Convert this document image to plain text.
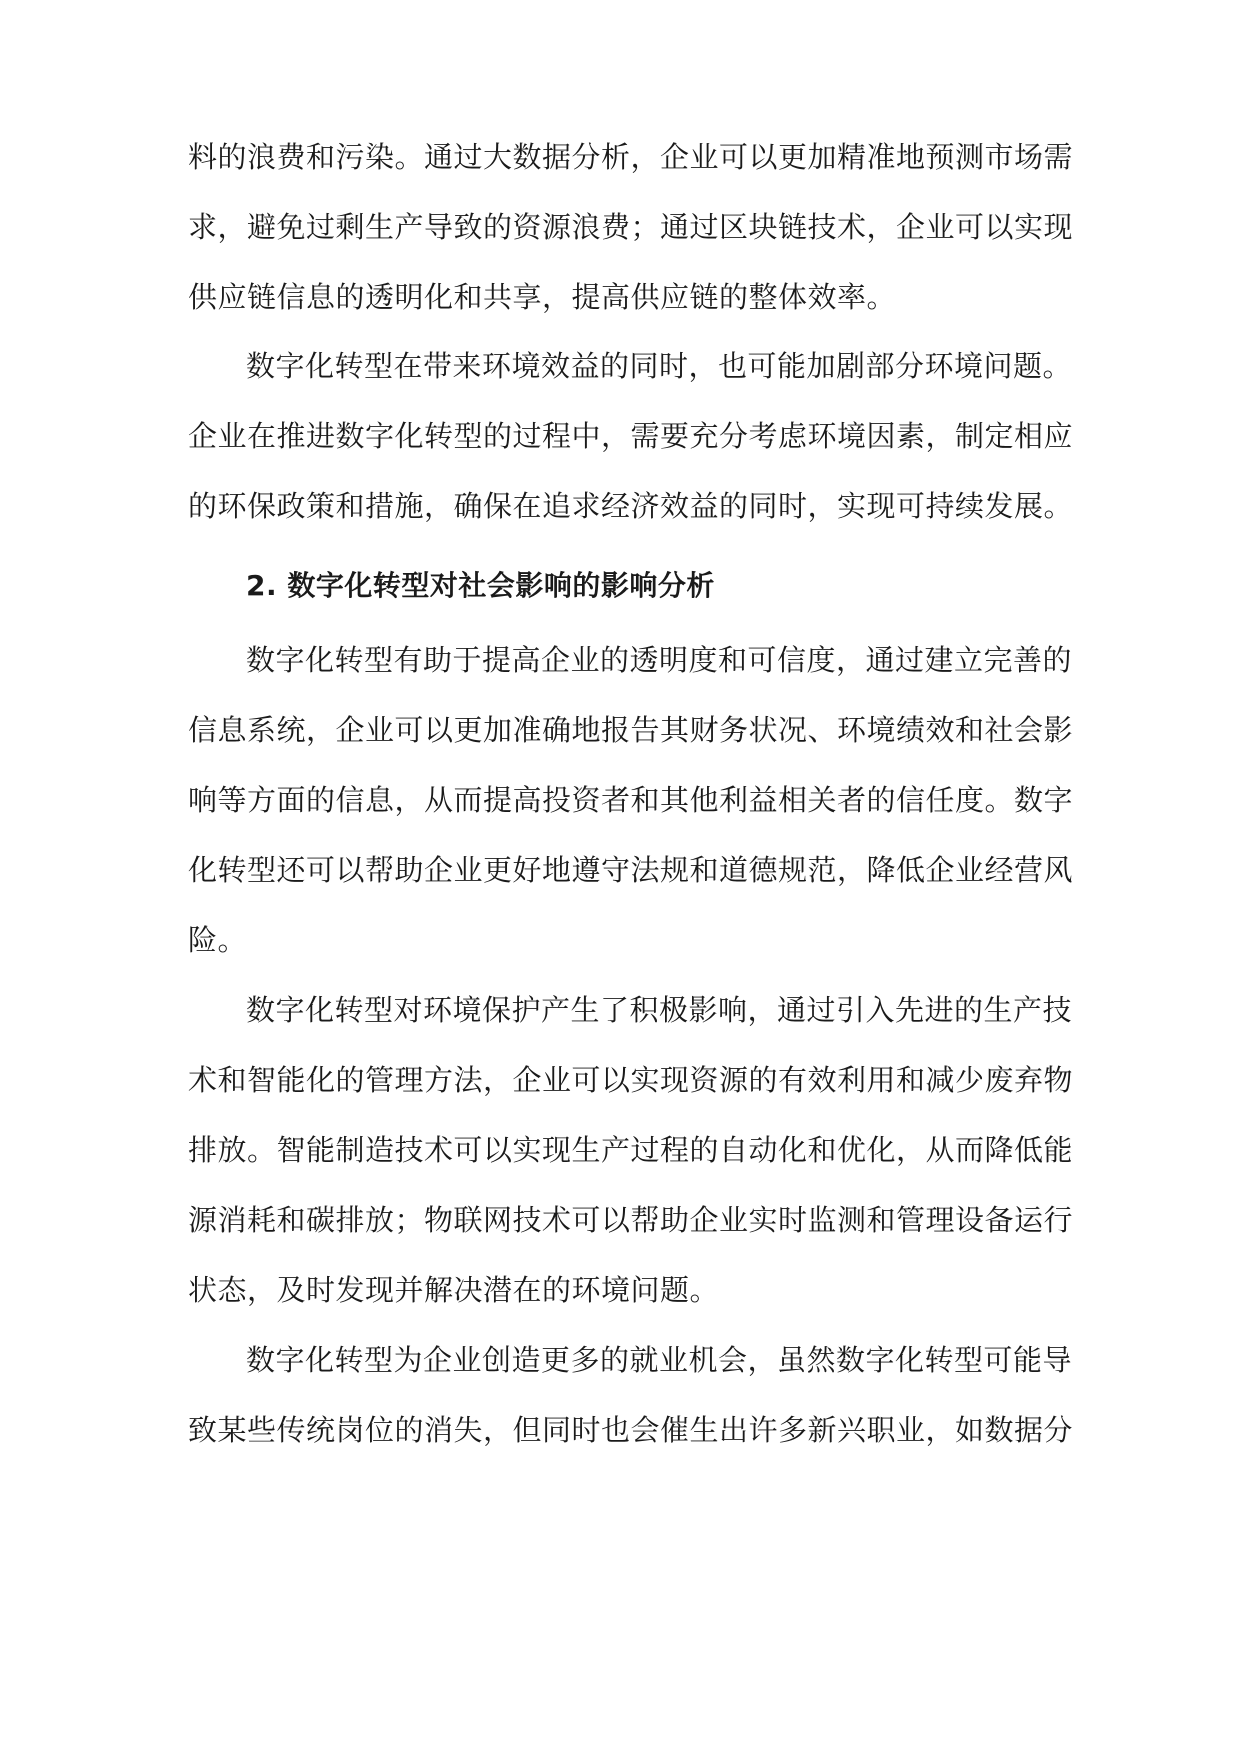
料的浪费和污染。通过大数据分析，企业可以更加精准地预测市场需
求，避免过剩生产导致的资源浪费；通过区块链技术，企业可以实现
供应链信息的透明化和共享，提高供应链的整体效率。
数字化转型在带来环境效益的同时，也可能加剧部分环境问题。
企业在推进数字化转型的过程中，需要充分考虑环境因素，制定相应
的环保政策和措施，确保在追求经济效益的同时，实现可持续发展。
2. 数字化转型对社会影响的影响分析
数字化转型有助于提高企业的透明度和可信度，通过建立完善的
信息系统，企业可以更加准确地报告其财务状况、环境绩效和社会影
响等方面的信息，从而提高投资者和其他利益相关者的信任度。数字
化转型还可以帮助企业更好地遵守法规和道德规范，降低企业经营风
险。
数字化转型对环境保护产生了积极影响，通过引入先进的生产技
术和智能化的管理方法，企业可以实现资源的有效利用和减少废弃物
排放。智能制造技术可以实现生产过程的自动化和优化，从而降低能
源消耗和碳排放；物联网技术可以帮助企业实时监测和管理设备运行
状态，及时发现并解决潜在的环境问题。
数字化转型为企业创造更多的就业机会，虽然数字化转型可能导
致某些传统岗位的消失，但同时也会催生出许多新兴职业，如数据分
